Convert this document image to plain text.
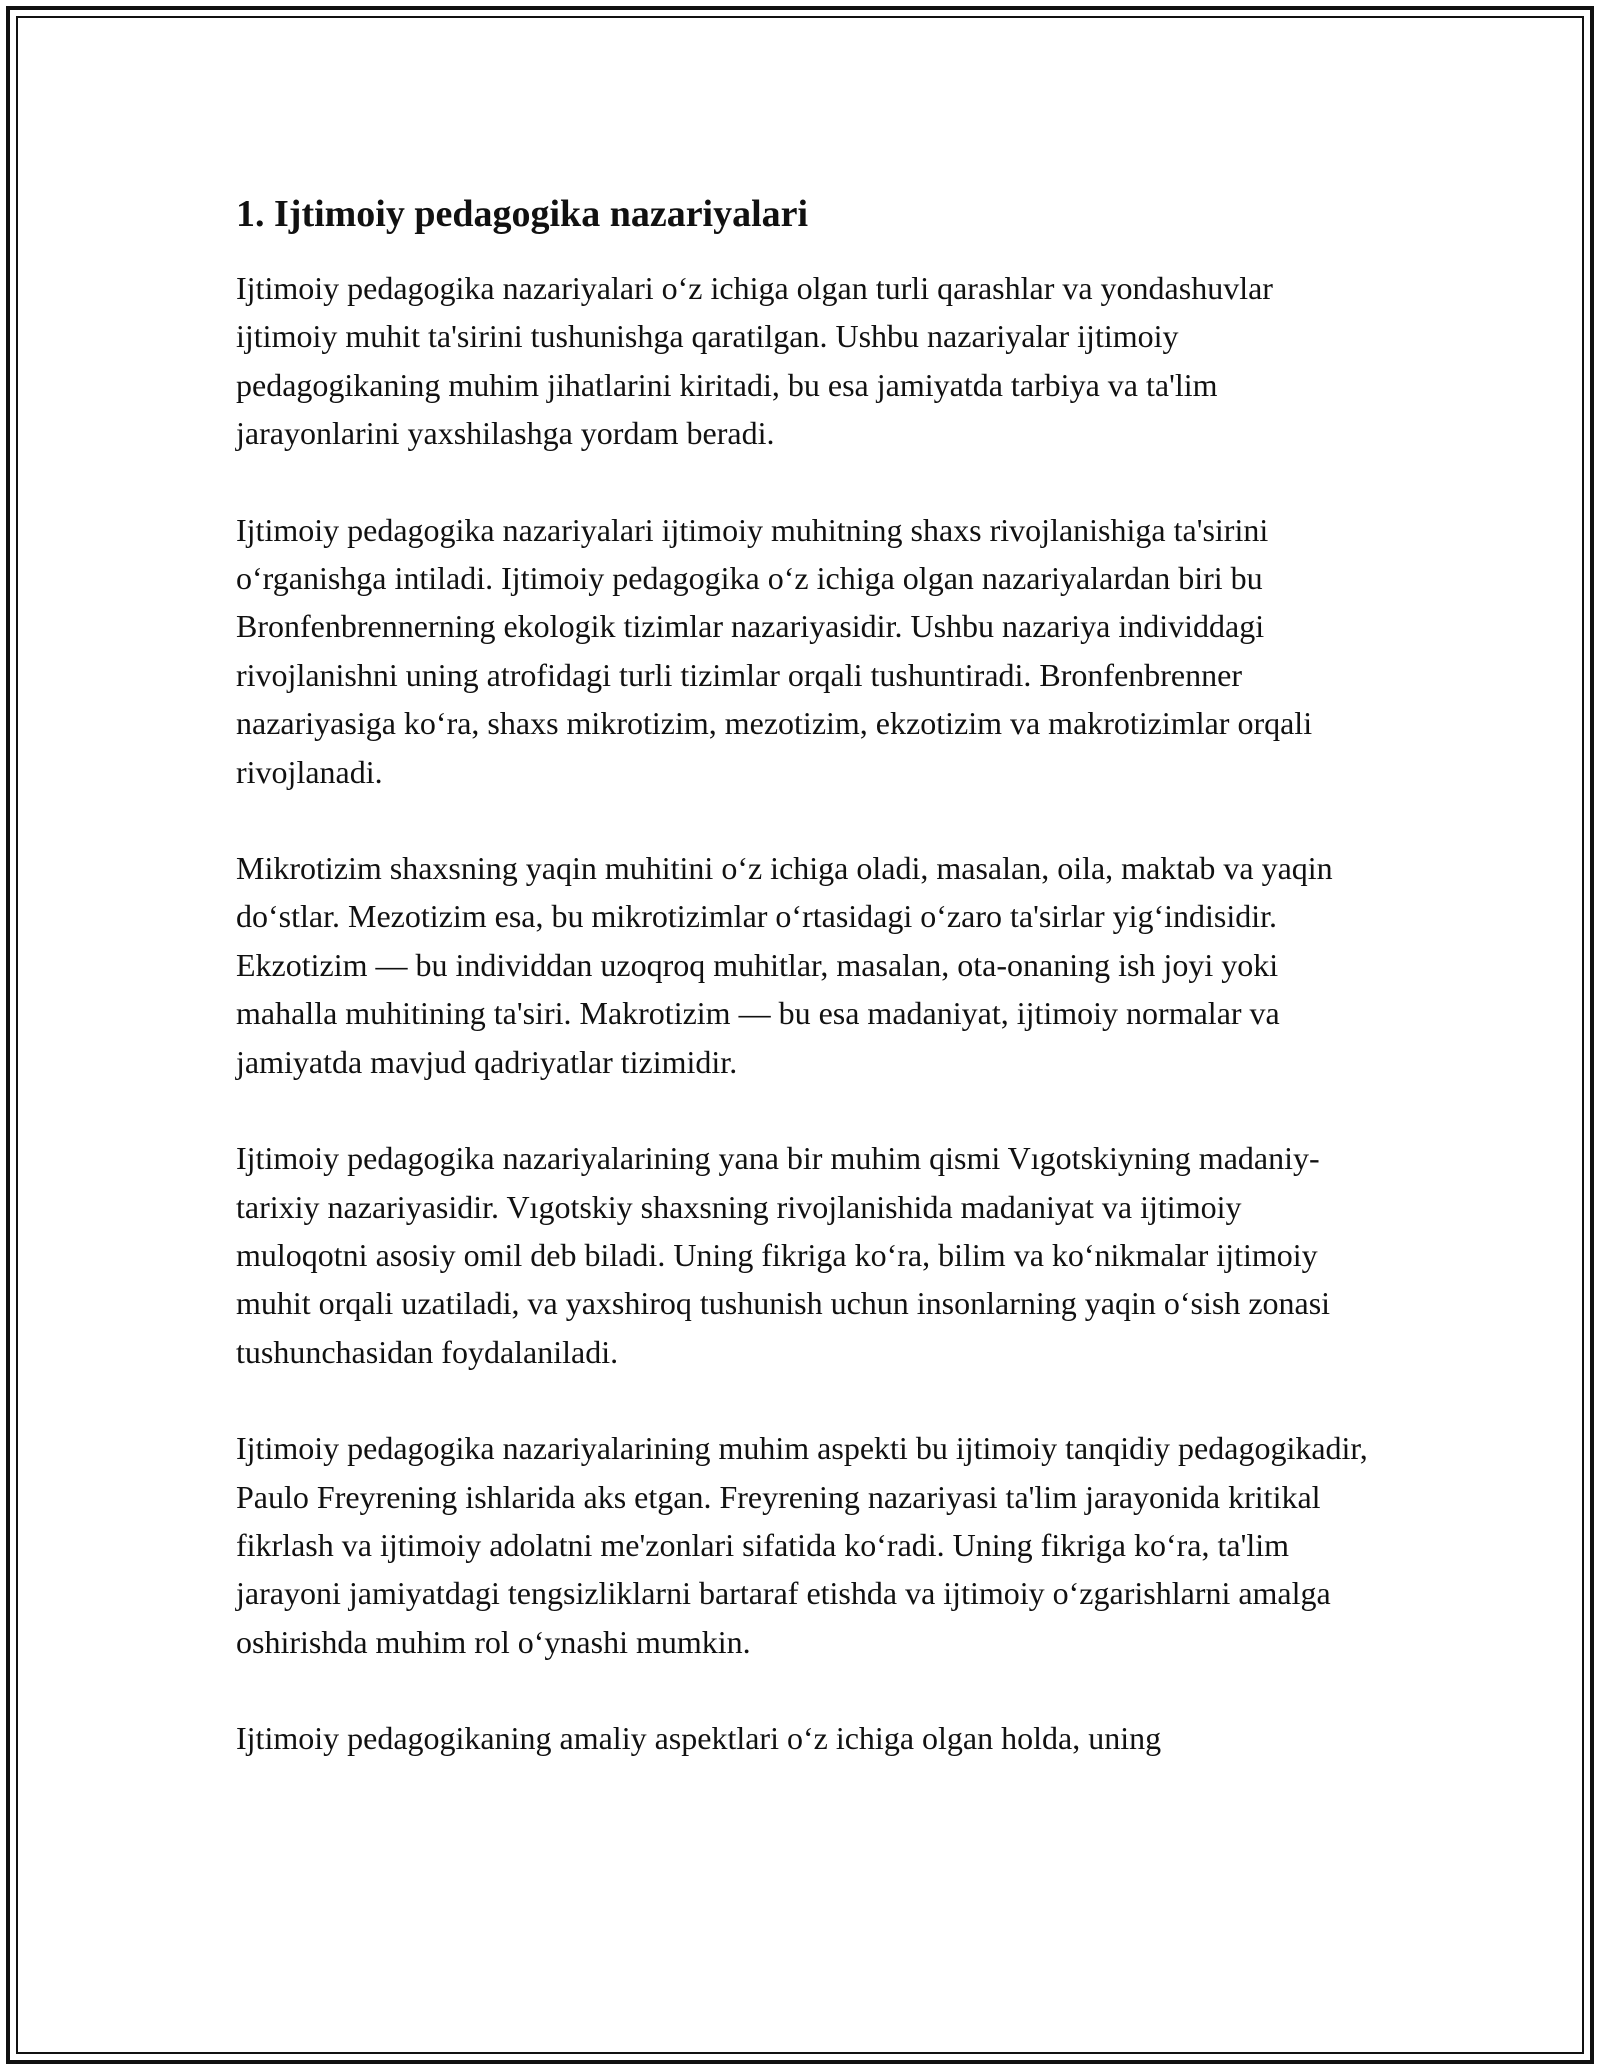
1. Ijtimoiy pedagogika nazariyalari

Ijtimoiy pedagogika nazariyalari o‘z ichiga olgan turli qarashlar va yondashuvlar ijtimoiy muhit ta'sirini tushunishga qaratilgan. Ushbu nazariyalar ijtimoiy pedagogikaning muhim jihatlarini kiritadi, bu esa jamiyatda tarbiya va ta'lim jarayonlarini yaxshilashga yordam beradi.

Ijtimoiy pedagogika nazariyalari ijtimoiy muhitning shaxs rivojlanishiga ta'sirini o‘rganishga intiladi. Ijtimoiy pedagogika o‘z ichiga olgan nazariyalardan biri bu Bronfenbrennerning ekologik tizimlar nazariyasidir. Ushbu nazariya individdagi rivojlanishni uning atrofidagi turli tizimlar orqali tushuntiradi. Bronfenbrenner nazariyasiga ko‘ra, shaxs mikrotizim, mezotizim, ekzotizim va makrotizimlar orqali rivojlanadi.

Mikrotizim shaxsning yaqin muhitini o‘z ichiga oladi, masalan, oila, maktab va yaqin do‘stlar. Mezotizim esa, bu mikrotizimlar o‘rtasidagi o‘zaro ta'sirlar yig‘indisidir. Ekzotizim — bu individdan uzoqroq muhitlar, masalan, ota-onaning ish joyi yoki mahalla muhitining ta'siri. Makrotizim — bu esa madaniyat, ijtimoiy normalar va jamiyatda mavjud qadriyatlar tizimidir.

Ijtimoiy pedagogika nazariyalarining yana bir muhim qismi Vıgotskiyning madaniy-tarixiy nazariyasidir. Vıgotskiy shaxsning rivojlanishida madaniyat va ijtimoiy muloqotni asosiy omil deb biladi. Uning fikriga ko‘ra, bilim va ko‘nikmalar ijtimoiy muhit orqali uzatiladi, va yaxshiroq tushunish uchun insonlarning yaqin o‘sish zonasi tushunchasidan foydalaniladi.

Ijtimoiy pedagogika nazariyalarining muhim aspekti bu ijtimoiy tanqidiy pedagogikadir, Paulo Freyrening ishlarida aks etgan. Freyrening nazariyasi ta'lim jarayonida kritikal fikrlash va ijtimoiy adolatni me'zonlari sifatida ko‘radi. Uning fikriga ko‘ra, ta'lim jarayoni jamiyatdagi tengsizliklarni bartaraf etishda va ijtimoiy o‘zgarishlarni amalga oshirishda muhim rol o‘ynashi mumkin.

Ijtimoiy pedagogikaning amaliy aspektlari o‘z ichiga olgan holda, uning
